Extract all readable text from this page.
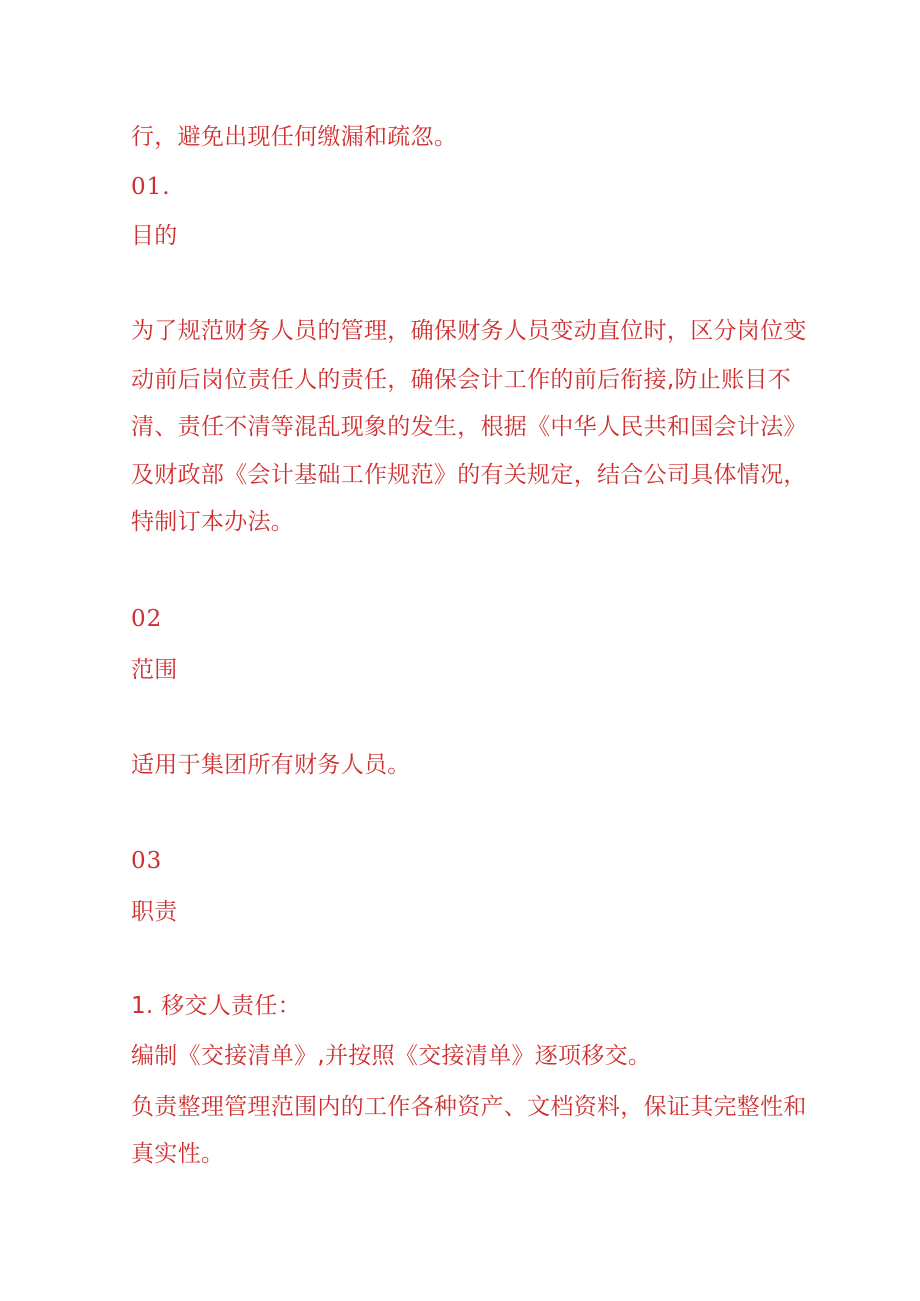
行，避免出现任何缴漏和疏忽。

01.

目的

为了规范财务人员的管理，确保财务人员变动直位时，区分岗位变

动前后岗位责任人的责任，确保会计工作的前后衔接,防止账目不

清、责任不清等混乱现象的发生，根据《中华人民共和国会计法》

及财政部《会计基础工作规范》的有关规定，结合公司具体情况，

特制订本办法。

02

范围

适用于集团所有财务人员。

03

职责

1. 移交人责任：

编制《交接清单》,并按照《交接清单》逐项移交。

负责整理管理范围内的工作各种资产、文档资料，保证其完整性和

真实性。
